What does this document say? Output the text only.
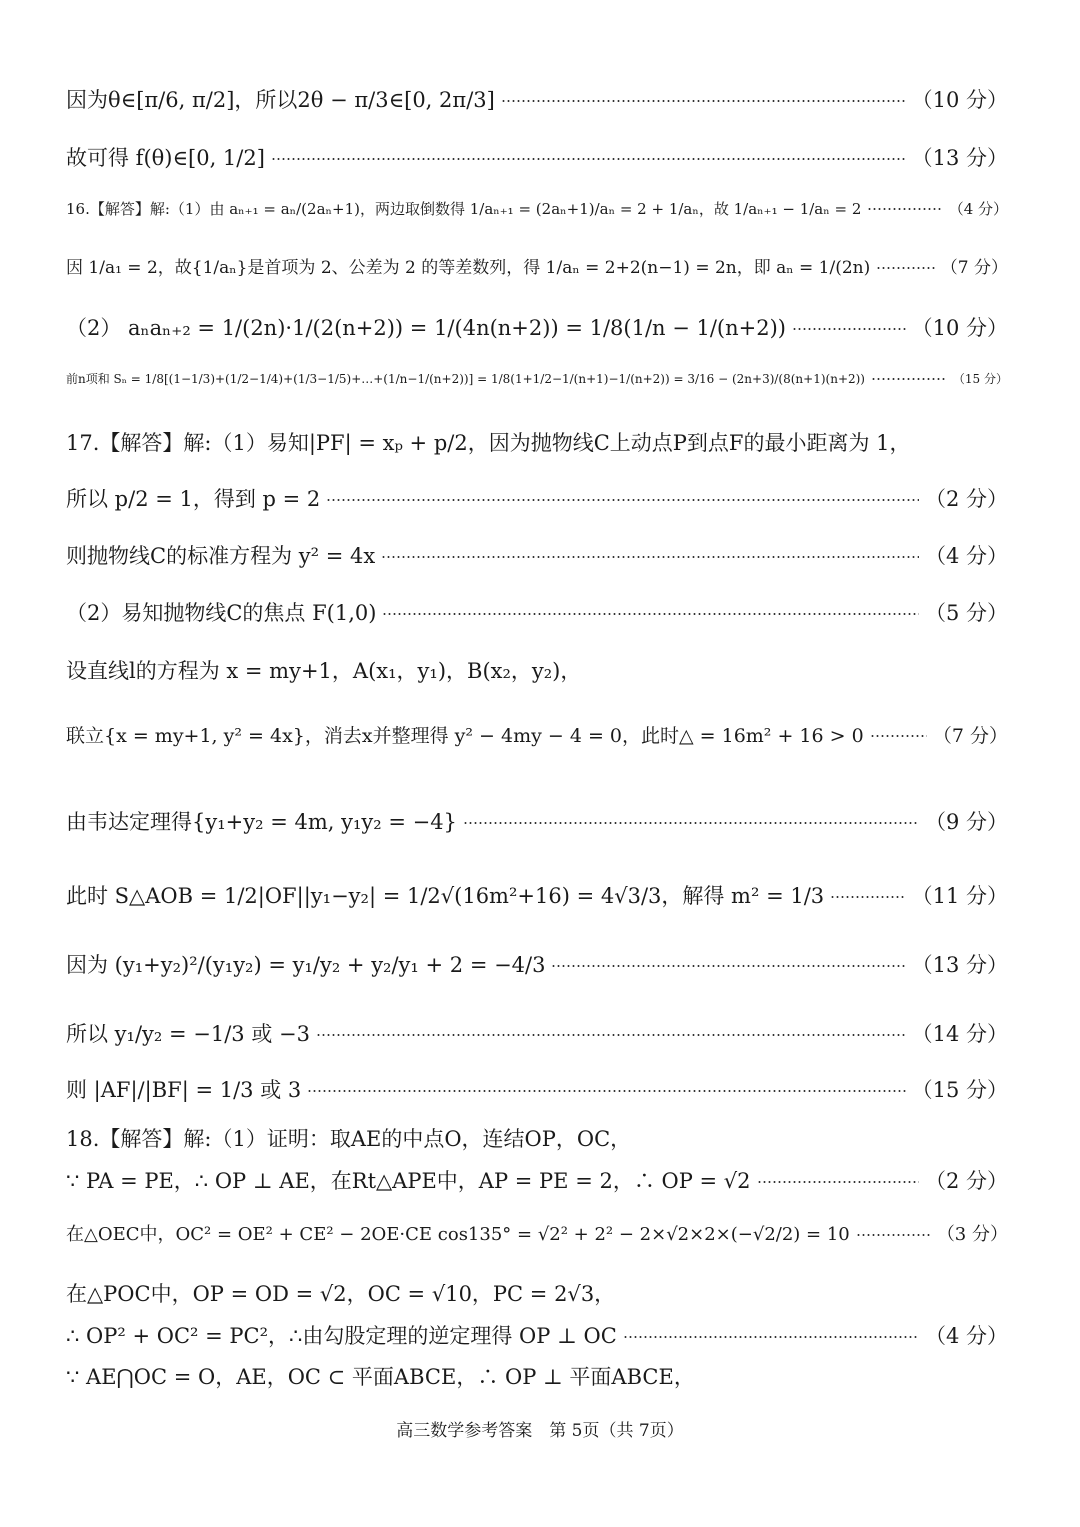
因为θ∈[π/6, π/2]，所以2θ − π/3∈[0, 2π/3]	（10 分）
故可得 f(θ)∈[0, 1/2]	（13 分）
16.【解答】解:（1）由 aₙ₊₁ = aₙ/(2aₙ+1)，两边取倒数得 1/aₙ₊₁ = (2aₙ+1)/aₙ = 2 + 1/aₙ，故 1/aₙ₊₁ − 1/aₙ = 2	（4 分）
因 1/a₁ = 2，故{1/aₙ}是首项为 2、公差为 2 的等差数列，得 1/aₙ = 2+2(n−1) = 2n，即 aₙ = 1/(2n)	（7 分）
（2） aₙaₙ₊₂ = 1/(2n)·1/(2(n+2)) = 1/(4n(n+2)) = 1/8(1/n − 1/(n+2))	（10 分）
前n项和 Sₙ = 1/8[(1−1/3)+(1/2−1/4)+(1/3−1/5)+…+(1/n−1/(n+2))] = 1/8(1+1/2−1/(n+1)−1/(n+2)) = 3/16 − (2n+3)/(8(n+1)(n+2))	（15 分）
17.【解答】解:（1）易知|PF| = xₚ + p/2，因为抛物线C上动点P到点F的最小距离为 1，
所以 p/2 = 1，得到 p = 2	（2 分）
则抛物线C的标准方程为 y² = 4x	（4 分）
（2）易知抛物线C的焦点 F(1,0)	（5 分）
设直线l的方程为 x = my+1，A(x₁，y₁)，B(x₂，y₂)，
联立{x = my+1, y² = 4x}，消去x并整理得 y² − 4my − 4 = 0，此时△ = 16m² + 16 > 0	（7 分）
由韦达定理得{y₁+y₂ = 4m, y₁y₂ = −4}	（9 分）
此时 S△AOB = 1/2|OF||y₁−y₂| = 1/2√(16m²+16) = 4√3/3，解得 m² = 1/3	（11 分）
因为 (y₁+y₂)²/(y₁y₂) = y₁/y₂ + y₂/y₁ + 2 = −4/3	（13 分）
所以 y₁/y₂ = −1/3 或 −3	（14 分）
则 |AF|/|BF| = 1/3 或 3	（15 分）
18.【解答】解:（1）证明：取AE的中点O，连结OP，OC，
∵ PA = PE，∴ OP ⊥ AE，在Rt△APE中，AP = PE = 2，∴ OP = √2	（2 分）
在△OEC中，OC² = OE² + CE² − 2OE·CE cos135° = √2² + 2² − 2×√2×2×(−√2/2) = 10	（3 分）
在△POC中，OP = OD = √2，OC = √10，PC = 2√3，
∴ OP² + OC² = PC²，∴由勾股定理的逆定理得 OP ⊥ OC	（4 分）
∵ AE⋂OC = O，AE，OC ⊂ 平面ABCE，∴ OP ⊥ 平面ABCE，
高三数学参考答案　第 5页（共 7页）
